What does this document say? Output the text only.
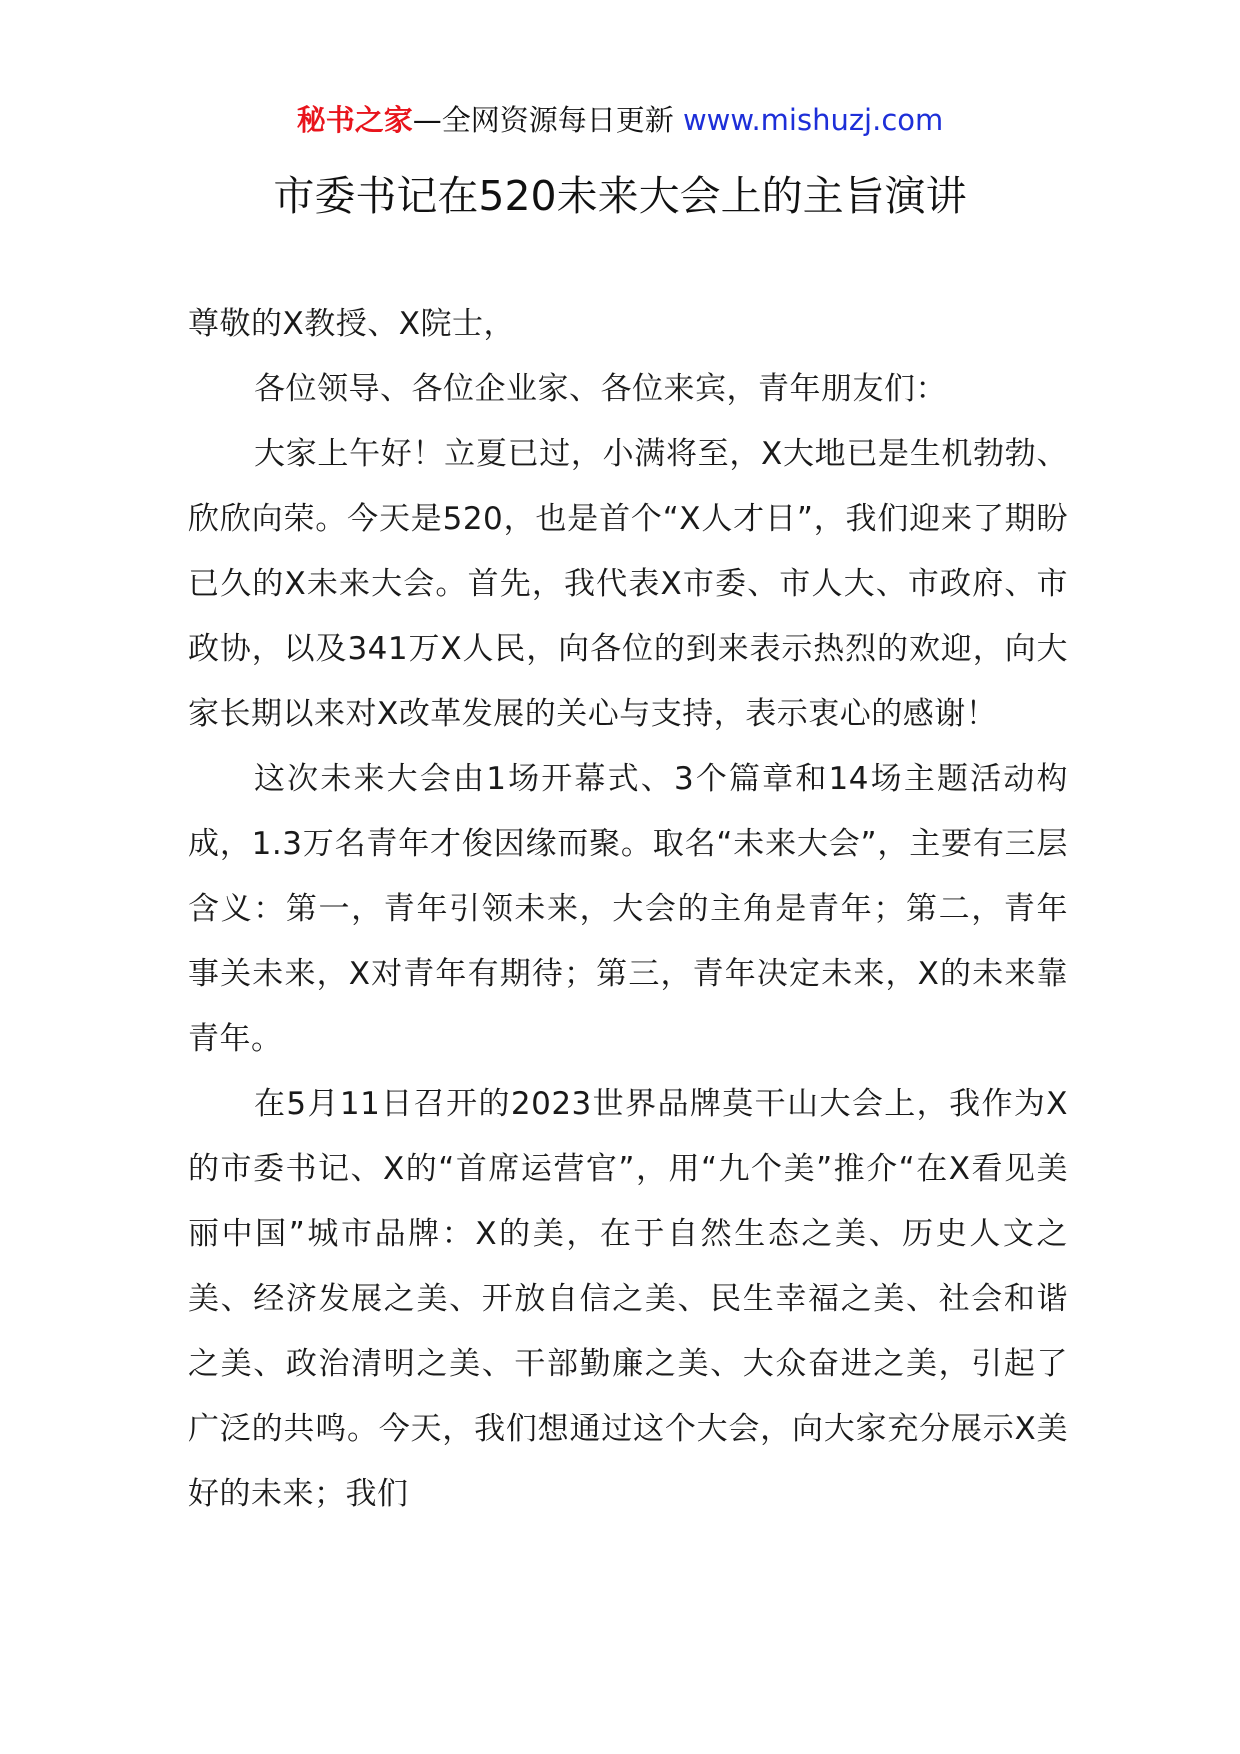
秘书之家—全网资源每日更新 www.mishuzj.com
市委书记在520未来大会上的主旨演讲

尊敬的X教授、X院士，

各位领导、各位企业家、各位来宾，青年朋友们：

大家上午好！立夏已过，小满将至，X大地已是生机勃勃、欣欣向荣。今天是520，也是首个“X人才日”，我们迎来了期盼已久的X未来大会。首先，我代表X市委、市人大、市政府、市政协，以及341万X人民，向各位的到来表示热烈的欢迎，向大家长期以来对X改革发展的关心与支持，表示衷心的感谢！

这次未来大会由1场开幕式、3个篇章和14场主题活动构成，1.3万名青年才俊因缘而聚。取名“未来大会”，主要有三层含义：第一，青年引领未来，大会的主角是青年；第二，青年事关未来，X对青年有期待；第三，青年决定未来，X的未来靠青年。

在5月11日召开的2023世界品牌莫干山大会上，我作为X的市委书记、X的“首席运营官”，用“九个美”推介“在X看见美丽中国”城市品牌：X的美，在于自然生态之美、历史人文之美、经济发展之美、开放自信之美、民生幸福之美、社会和谐之美、政治清明之美、干部勤廉之美、大众奋进之美，引起了广泛的共鸣。今天，我们想通过这个大会，向大家充分展示X美好的未来；我们
